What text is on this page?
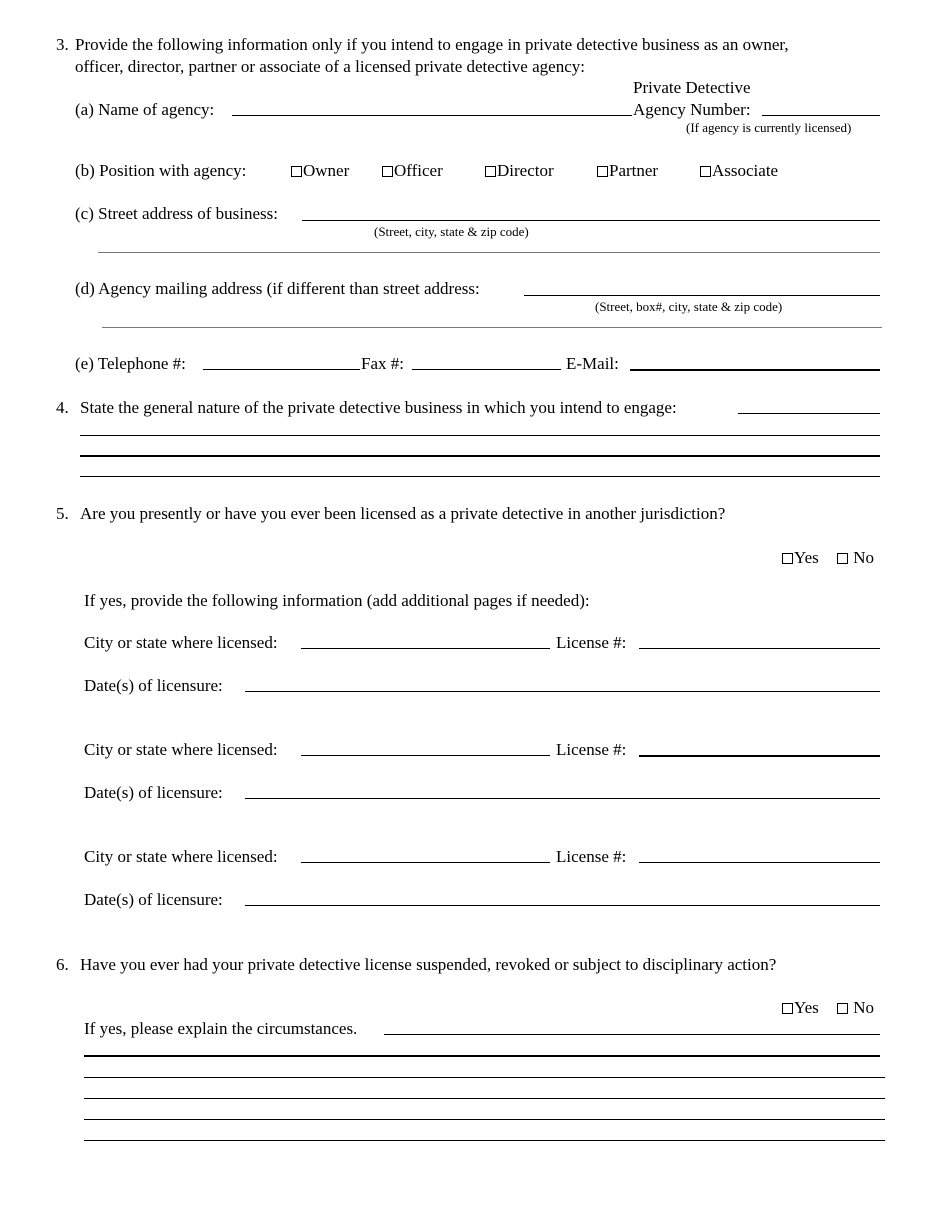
3. Provide the following information only if you intend to engage in private detective business as an owner,
officer, director, partner or associate of a licensed private detective agency:
Private Detective
(a) Name of agency:	Agency Number:
(If agency is currently licensed)
(b) Position with agency:	Owner	Officer	Director	Partner	Associate
(c) Street address of business:
(Street, city, state & zip code)
(d) Agency mailing address (if different than street address:
(Street, box#, city, state & zip code)
(e) Telephone #:	Fax #:	E-Mail:
4. State the general nature of the private detective business in which you intend to engage:
5. Are you presently or have you ever been licensed as a private detective in another jurisdiction?
Yes	No
If yes, provide the following information (add additional pages if needed):
City or state where licensed:	License #:
Date(s) of licensure:
City or state where licensed:	License #:
Date(s) of licensure:
City or state where licensed:	License #:
Date(s) of licensure:
6. Have you ever had your private detective license suspended, revoked or subject to disciplinary action?
Yes	No
If yes, please explain the circumstances.
